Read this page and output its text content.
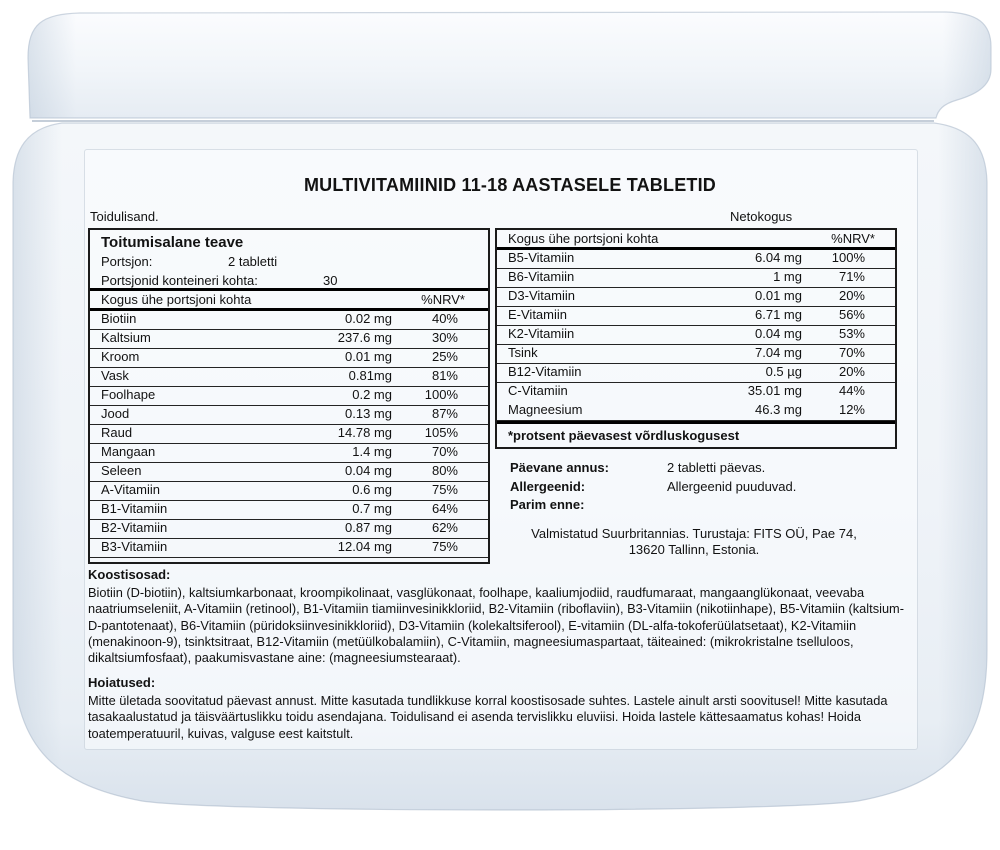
MULTIVITAMIINID 11-18 AASTASELE TABLETID
Toidulisand.	Netokogus
Toitumisalane teave
Portsjon:	2 tabletti
Portsjonid konteineri kohta:	30
Kogus ühe portsjoni kohta	%NRV*
Biotiin	0.02 mg	40%
Kaltsium	237.6 mg	30%
Kroom	0.01 mg	25%
Vask	0.81mg	81%
Foolhape	0.2 mg	100%
Jood	0.13 mg	87%
Raud	14.78 mg	105%
Mangaan	1.4 mg	70%
Seleen	0.04 mg	80%
A-Vitamiin	0.6 mg	75%
B1-Vitamiin	0.7 mg	64%
B2-Vitamiin	0.87 mg	62%
B3-Vitamiin	12.04 mg	75%
Kogus ühe portsjoni kohta	%NRV*
B5-Vitamiin	6.04 mg	100%
B6-Vitamiin	1 mg	71%
D3-Vitamiin	0.01 mg	20%
E-Vitamiin	6.71 mg	56%
K2-Vitamiin	0.04 mg	53%
Tsink	7.04 mg	70%
B12-Vitamiin	0.5 µg	20%
C-Vitamiin	35.01 mg	44%
Magneesium	46.3 mg	12%
*protsent päevasest võrdluskogusest
Päevane annus:	2 tabletti päevas.
Allergeenid:	Allergeenid puuduvad.
Parim enne:
Valmistatud Suurbritannias. Turustaja: FITS OÜ, Pae 74,
13620 Tallinn, Estonia.
Koostisosad:
Biotiin (D-biotiin), kaltsiumkarbonaat, kroompikolinaat, vasglükonaat, foolhape, kaaliumjodiid, raudfumaraat, mangaanglükonaat, veevaba naatriumseleniit, A-Vitamiin (retinool), B1-Vitamiin tiamiinvesinikkloriid, B2-Vitamiin (riboflaviin), B3-Vitamiin (nikotiinhape), B5-Vitamiin (kaltsium-D-pantotenaat), B6-Vitamiin (püridoksiinvesinikkloriid), D3-Vitamiin (kolekaltsiferool), E-vitamiin (DL-alfa-tokoferüülatsetaat), K2-Vitamiin (menakinoon-9), tsinktsitraat, B12-Vitamiin (metüülkobalamiin), C-Vitamiin, magneesiumaspartaat, täiteained: (mikrokristalne tselluloos, dikaltsiumfosfaat), paakumisvastane aine: (magneesiumstearaat).
Hoiatused:
Mitte ületada soovitatud päevast annust. Mitte kasutada tundlikkuse korral koostisosade suhtes. Lastele ainult arsti soovitusel! Mitte kasutada tasakaalustatud ja täisväärtuslikku toidu asendajana. Toidulisand ei asenda tervislikku eluviisi. Hoida lastele kättesaamatus kohas! Hoida toatemperatuuril, kuivas, valguse eest kaitstult.
